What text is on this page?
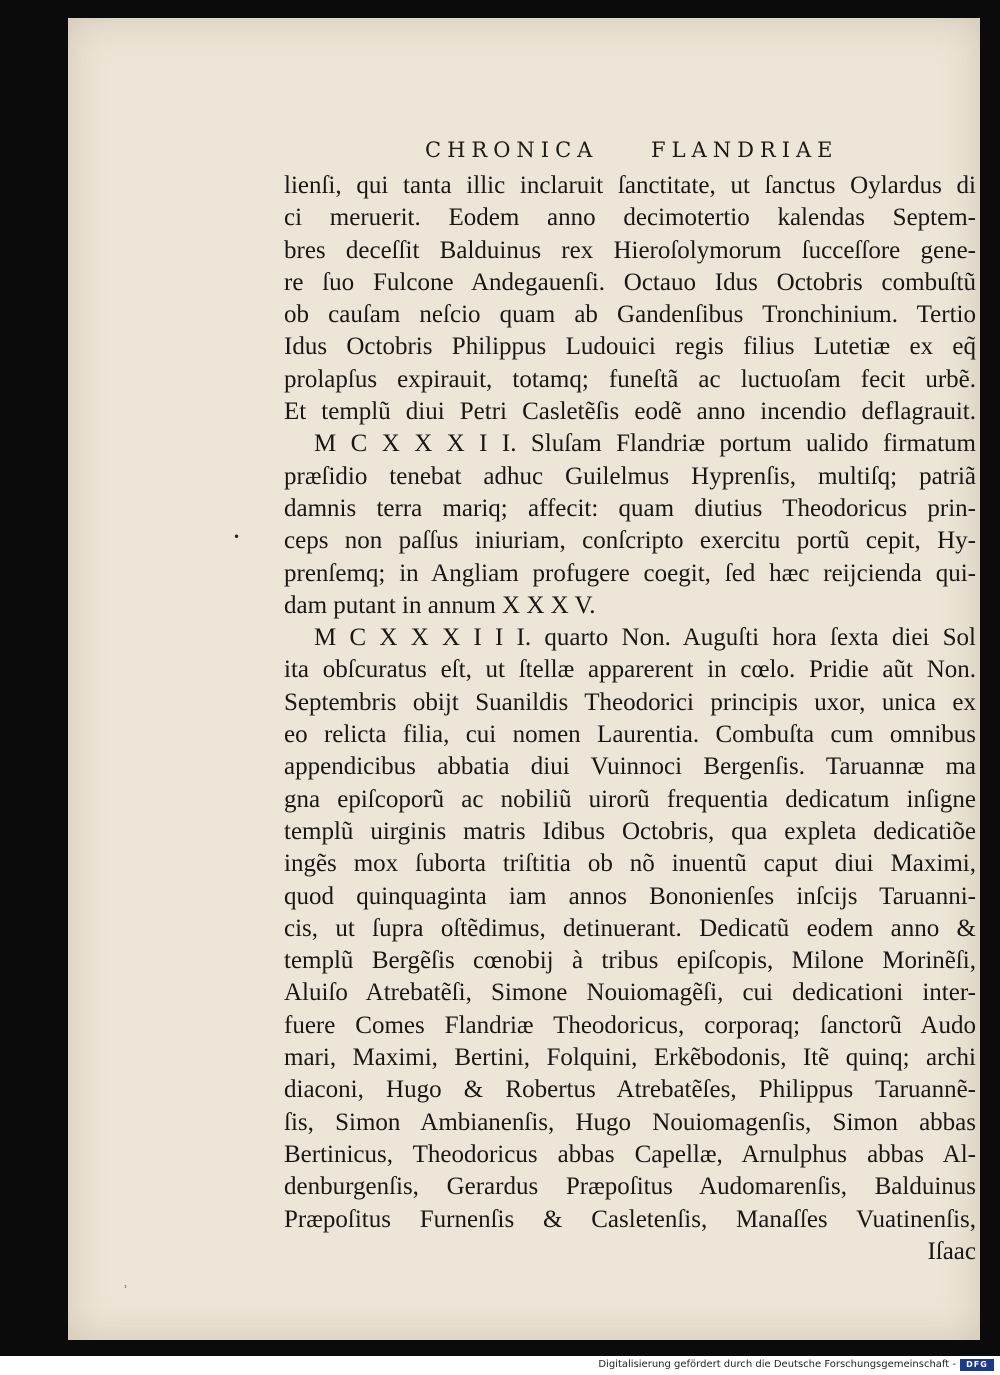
CHRONICA	FLANDRIAE
•
lienſi, qui tanta illic inclaruit ſanctitate, ut ſanctus Oylardus di
ci meruerit. Eodem anno decimotertio kalendas Septem-
bres deceſſit Balduinus rex Hieroſolymorum ſucceſſore gene-
re ſuo Fulcone Andegauenſi. Octauo Idus Octobris combuſtũ
ob cauſam neſcio quam ab Gandenſibus Tronchinium. Tertio
Idus Octobris Philippus Ludouici regis filius Lutetiæ ex eq̃
prolapſus expirauit, totamq; funeſtã ac luctuoſam fecit urbẽ.
Et templũ diui Petri Casletẽſis eodẽ anno incendio deflagrauit.
M C X X X I I. Sluſam Flandriæ portum ualido firmatum
præſidio tenebat adhuc Guilelmus Hyprenſis, multiſq; patriã
damnis terra mariq; affecit: quam diutius Theodoricus prin-
ceps non paſſus iniuriam, conſcripto exercitu portũ cepit, Hy-
prenſemq; in Angliam profugere coegit, ſed hæc reijcienda qui-
dam putant in annum X X X V.
M C X X X I I I. quarto Non. Auguſti hora ſexta diei Sol
ita obſcuratus eſt, ut ſtellæ apparerent in cœlo. Pridie aũt Non.
Septembris obijt Suanildis Theodorici principis uxor, unica ex
eo relicta filia, cui nomen Laurentia. Combuſta cum omnibus
appendicibus abbatia diui Vuinnoci Bergenſis. Taruannæ ma
gna epiſcoporũ ac nobiliũ uirorũ frequentia dedicatum inſigne
templũ uirginis matris Idibus Octobris, qua expleta dedicatiõe
ingẽs mox ſuborta triſtitia ob nõ inuentũ caput diui Maximi,
quod quinquaginta iam annos Bononienſes inſcijs Taruanni-
cis, ut ſupra oſtẽdimus, detinuerant. Dedicatũ eodem anno &
templũ Bergẽſis cœnobij à tribus epiſcopis, Milone Morinẽſi,
Aluiſo Atrebatẽſi, Simone Nouiomagẽſi, cui dedicationi inter-
fuere Comes Flandriæ Theodoricus, corporaq; ſanctorũ Audo
mari, Maximi, Bertini, Folquini, Erkẽbodonis, Itẽ quinq; archi
diaconi, Hugo & Robertus Atrebatẽſes, Philippus Taruannẽ-
ſis, Simon Ambianenſis, Hugo Nouiomagenſis, Simon abbas
Bertinicus, Theodoricus abbas Capellæ, Arnulphus abbas Al-
denburgenſis, Gerardus Præpoſitus Audomarenſis, Balduinus
Præpoſitus Furnenſis & Casletenſis, Manaſſes Vuatinenſis,
Iſaac
˒
Digitalisierung gefördert durch die Deutsche Forschungsgemeinschaft -	DFG
